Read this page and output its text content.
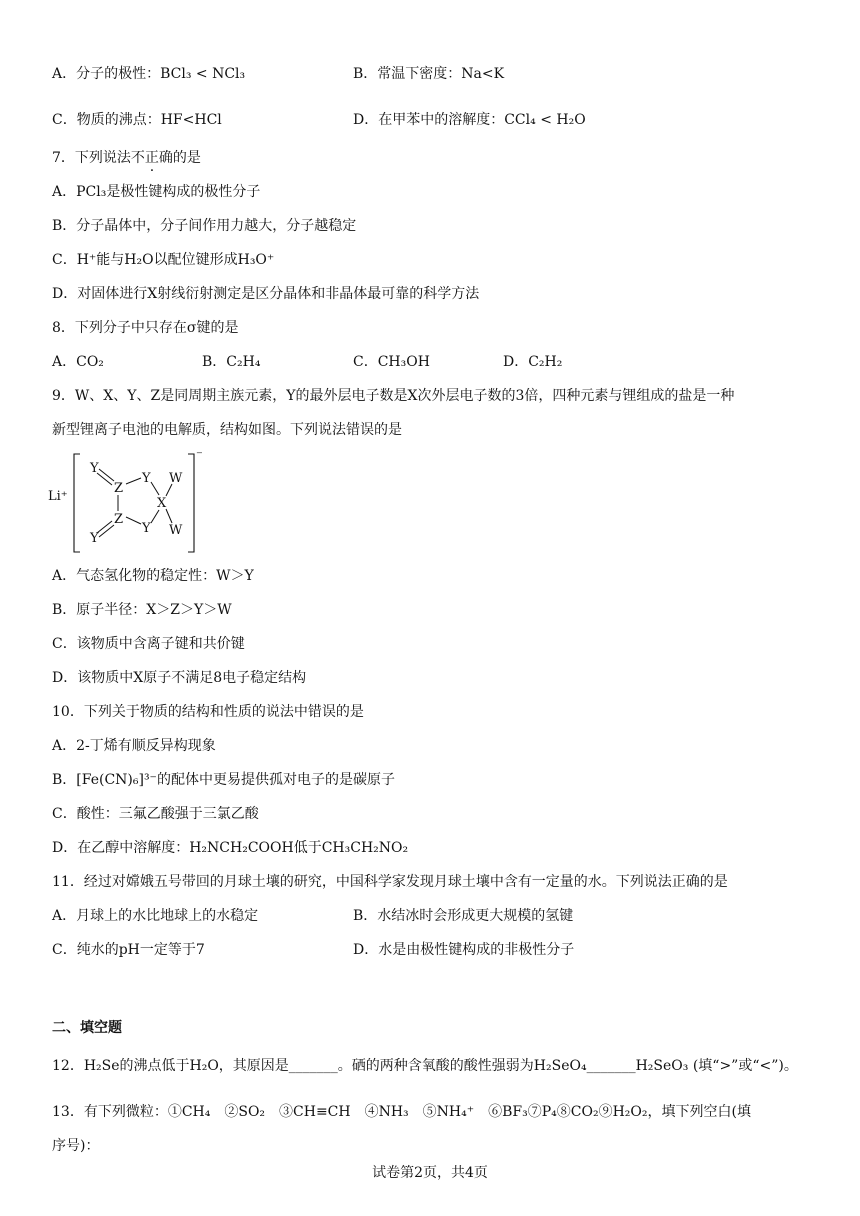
A．分子的极性：BCl₃ < NCl₃	B．常温下密度：Na<K
C．物质的沸点：HF<HCl	D．在甲苯中的溶解度：CCl₄ < H₂O
7．下列说法不正确的是
A．PCl₃是极性键构成的极性分子
B．分子晶体中，分子间作用力越大，分子越稳定
C．H⁺能与H₂O以配位键形成H₃O⁺
D．对固体进行X射线衍射测定是区分晶体和非晶体最可靠的科学方法
8．下列分子中只存在σ键的是
A．CO₂	B．C₂H₄	C．CH₃OH	D．C₂H₂
9．W、X、Y、Z是同周期主族元素，Y的最外层电子数是X次外层电子数的3倍，四种元素与锂组成的盐是一种
新型锂离子电池的电解质，结构如图。下列说法错误的是
Li⁺
⁻
Y
Z
Y W
X
Z
Y W
Y
A．气态氢化物的稳定性：W＞Y
B．原子半径：X＞Z＞Y＞W
C．该物质中含离子键和共价键
D．该物质中X原子不满足8电子稳定结构
10．下列关于物质的结构和性质的说法中错误的是
A．2-丁烯有顺反异构现象
B．[Fe(CN)₆]³⁻的配体中更易提供孤对电子的是碳原子
C．酸性：三氟乙酸强于三氯乙酸
D．在乙醇中溶解度：H₂NCH₂COOH低于CH₃CH₂NO₂
11．经过对嫦娥五号带回的月球土壤的研究，中国科学家发现月球土壤中含有一定量的水。下列说法正确的是
A．月球上的水比地球上的水稳定	B．水结冰时会形成更大规模的氢键
C．纯水的pH一定等于7	D．水是由极性键构成的非极性分子
二、填空题
12．H₂Se的沸点低于H₂O，其原因是_______。硒的两种含氧酸的酸性强弱为H₂SeO₄_______H₂SeO₃ (填“>”或“<”)。
13．有下列微粒：①CH₄　②SO₂　③CH≡CH　④NH₃　⑤NH₄⁺　⑥BF₃⑦P₄⑧CO₂⑨H₂O₂，填下列空白(填
序号)：
试卷第2页，共4页
